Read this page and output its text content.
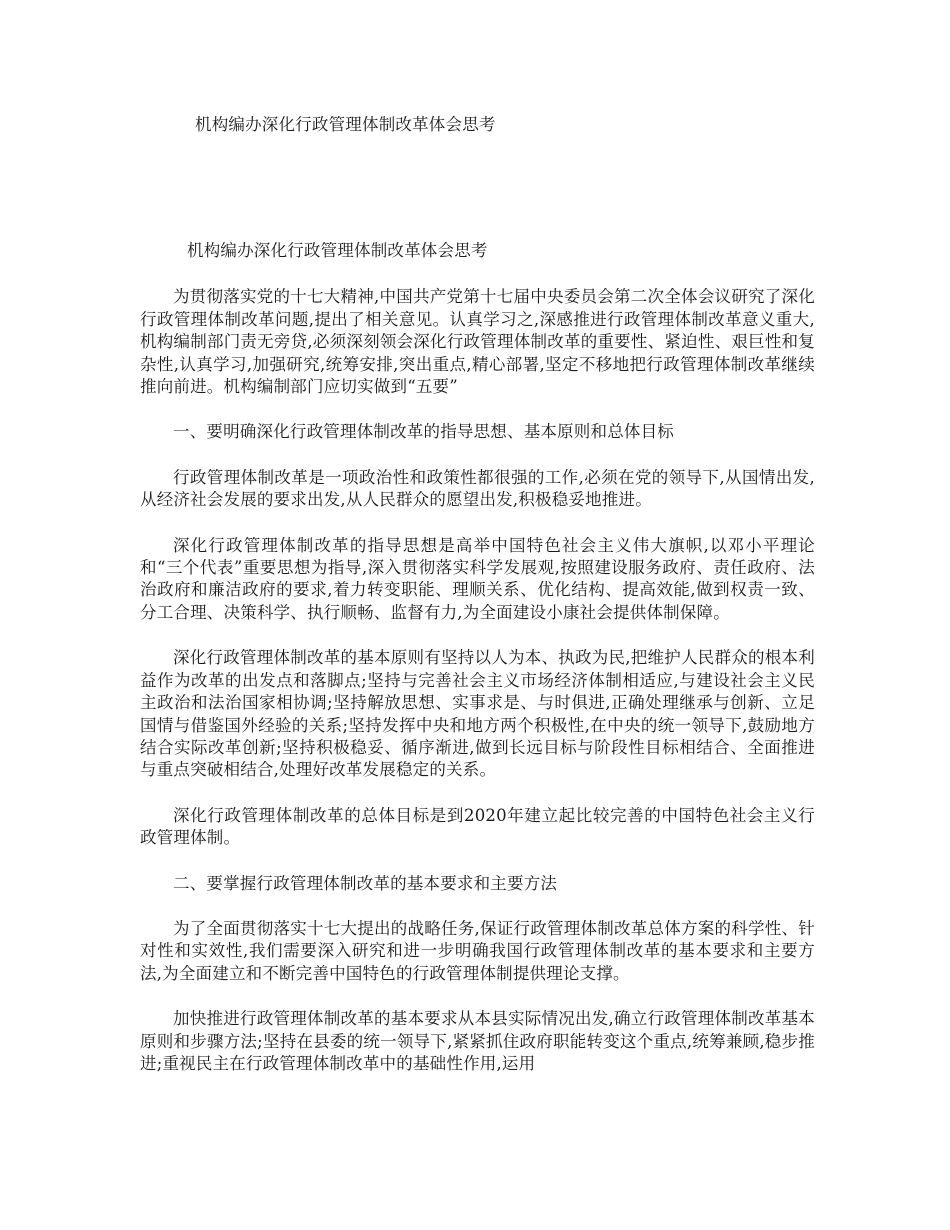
机构编办深化行政管理体制改革体会思考
机构编办深化行政管理体制改革体会思考

为贯彻落实党的十七大精神,中国共产党第十七届中央委员会第二次全体会议研究了深化行政管理体制改革问题,提出了相关意见。认真学习之,深感推进行政管理体制改革意义重大,机构编制部门责无旁贷,必须深刻领会深化行政管理体制改革的重要性、紧迫性、艰巨性和复杂性,认真学习,加强研究,统筹安排,突出重点,精心部署,坚定不移地把行政管理体制改革继续推向前进。机构编制部门应切实做到“五要”

一、要明确深化行政管理体制改革的指导思想、基本原则和总体目标

行政管理体制改革是一项政治性和政策性都很强的工作,必须在党的领导下,从国情出发,从经济社会发展的要求出发,从人民群众的愿望出发,积极稳妥地推进。

深化行政管理体制改革的指导思想是高举中国特色社会主义伟大旗帜,以邓小平理论和“三个代表”重要思想为指导,深入贯彻落实科学发展观,按照建设服务政府、责任政府、法治政府和廉洁政府的要求,着力转变职能、理顺关系、优化结构、提高效能,做到权责一致、分工合理、决策科学、执行顺畅、监督有力,为全面建设小康社会提供体制保障。

深化行政管理体制改革的基本原则有坚持以人为本、执政为民,把维护人民群众的根本利益作为改革的出发点和落脚点;坚持与完善社会主义市场经济体制相适应,与建设社会主义民主政治和法治国家相协调;坚持解放思想、实事求是、与时俱进,正确处理继承与创新、立足国情与借鉴国外经验的关系;坚持发挥中央和地方两个积极性,在中央的统一领导下,鼓励地方结合实际改革创新;坚持积极稳妥、循序渐进,做到长远目标与阶段性目标相结合、全面推进与重点突破相结合,处理好改革发展稳定的关系。

深化行政管理体制改革的总体目标是到2020年建立起比较完善的中国特色社会主义行政管理体制。

二、要掌握行政管理体制改革的基本要求和主要方法

为了全面贯彻落实十七大提出的战略任务,保证行政管理体制改革总体方案的科学性、针对性和实效性,我们需要深入研究和进一步明确我国行政管理体制改革的基本要求和主要方法,为全面建立和不断完善中国特色的行政管理体制提供理论支撑。

加快推进行政管理体制改革的基本要求从本县实际情况出发,确立行政管理体制改革基本原则和步骤方法;坚持在县委的统一领导下,紧紧抓住政府职能转变这个重点,统筹兼顾,稳步推进;重视民主在行政管理体制改革中的基础性作用,运用
